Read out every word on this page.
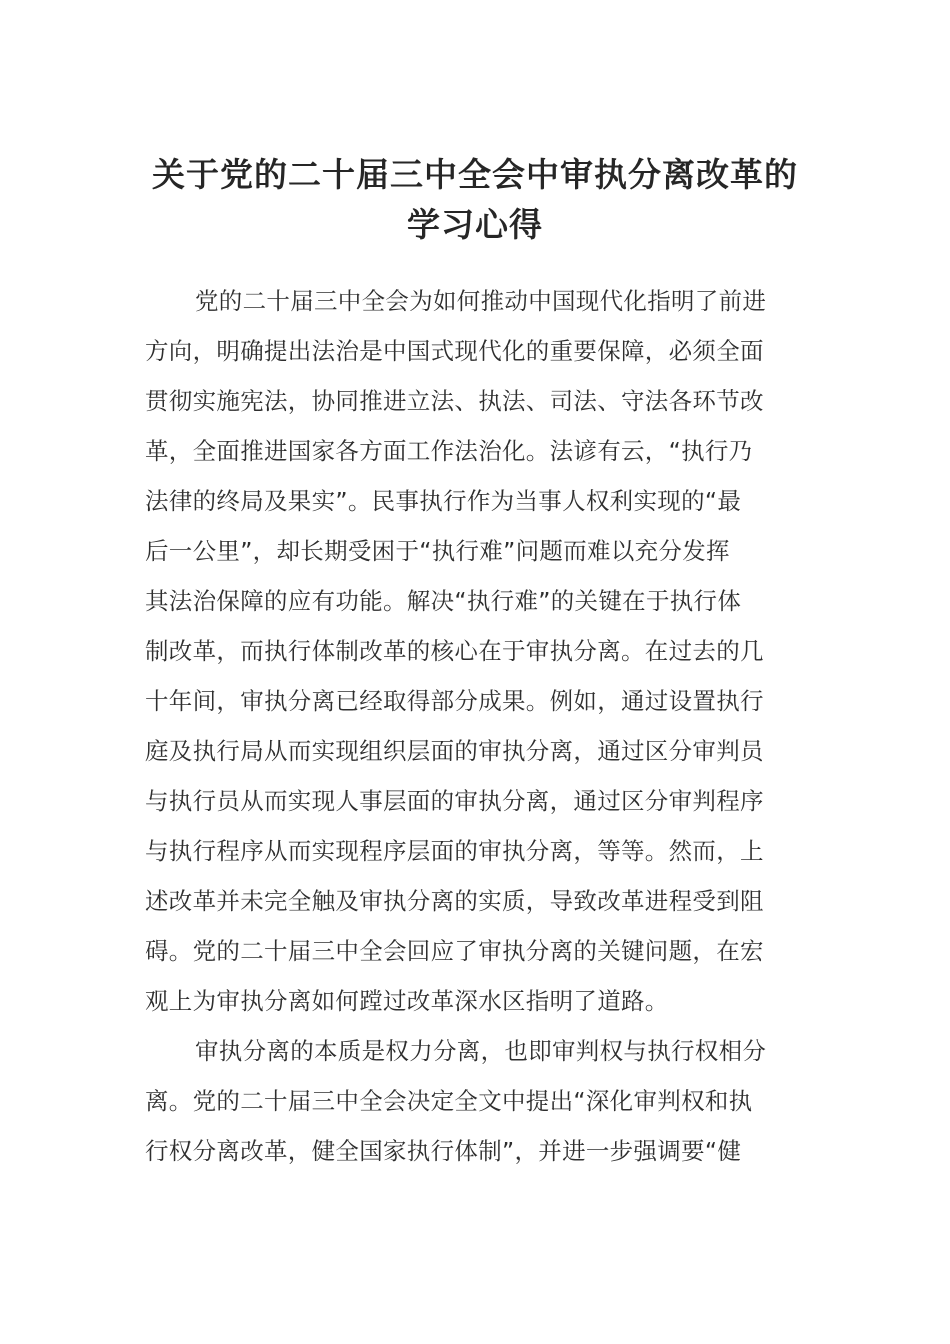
关于党的二十届三中全会中审执分离改革的
学习心得
党的二十届三中全会为如何推动中国现代化指明了前进
方向，明确提出法治是中国式现代化的重要保障，必须全面
贯彻实施宪法，协同推进立法、执法、司法、守法各环节改
革，全面推进国家各方面工作法治化。法谚有云，“执行乃
法律的终局及果实”。民事执行作为当事人权利实现的“最
后一公里”，却长期受困于“执行难”问题而难以充分发挥
其法治保障的应有功能。解决“执行难”的关键在于执行体
制改革，而执行体制改革的核心在于审执分离。在过去的几
十年间，审执分离已经取得部分成果。例如，通过设置执行
庭及执行局从而实现组织层面的审执分离，通过区分审判员
与执行员从而实现人事层面的审执分离，通过区分审判程序
与执行程序从而实现程序层面的审执分离，等等。然而，上
述改革并未完全触及审执分离的实质，导致改革进程受到阻
碍。党的二十届三中全会回应了审执分离的关键问题，在宏
观上为审执分离如何蹚过改革深水区指明了道路。
审执分离的本质是权力分离，也即审判权与执行权相分
离。党的二十届三中全会决定全文中提出“深化审判权和执
行权分离改革，健全国家执行体制”，并进一步强调要“健
